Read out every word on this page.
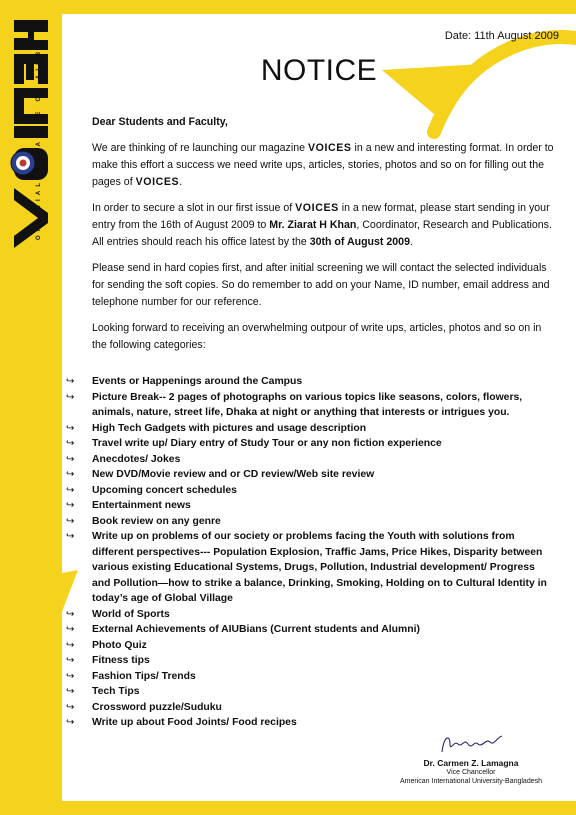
OFFICIAL MAGAZINE OF AIUB
Date: 11th August 2009
NOTICE
Dear Students and Faculty,

We are thinking of re launching our magazine VOICES in a new and interesting format. In order to make this effort a success we need write ups, articles, stories, photos and so on for filling out the pages of VOICES.

In order to secure a slot in our first issue of VOICES in a new format, please start sending in your entry from the 16th of August 2009 to Mr. Ziarat H Khan, Coordinator, Research and Publications. All entries should reach his office latest by the 30th of August 2009.

Please send in hard copies first, and after initial screening we will contact the selected individuals for sending the soft copies. So do remember to add on your Name, ID number, email address and telephone number for our reference.

Looking forward to receiving an overwhelming outpour of write ups, articles, photos and so on in the following categories:

↪ Events or Happenings around the Campus
↪ Picture Break-- 2 pages of photographs on various topics like seasons, colors, flowers, animals, nature, street life, Dhaka at night or anything that interests or intrigues you.
↪ High Tech Gadgets with pictures and usage description
↪ Travel write up/ Diary entry of Study Tour or any non fiction experience
↪ Anecdotes/ Jokes
↪ New DVD/Movie review and or CD review/Web site review
↪ Upcoming concert schedules
↪ Entertainment news
↪ Book review on any genre
↪ Write up on problems of our society or problems facing the Youth with solutions from different perspectives--- Population Explosion, Traffic Jams, Price Hikes, Disparity between various existing Educational Systems, Drugs, Pollution, Industrial development/ Progress and Pollution—how to strike a balance, Drinking, Smoking, Holding on to Cultural Identity in today’s age of Global Village
↪ World of Sports
↪ External Achievements of AIUBians (Current students and Alumni)
↪ Photo Quiz
↪ Fitness tips
↪ Fashion Tips/ Trends
↪ Tech Tips
↪ Crossword puzzle/Suduku
↪ Write up about Food Joints/ Food recipes
Dr. Carmen Z. Lamagna
Vice Chancellor
American International University-Bangladesh
